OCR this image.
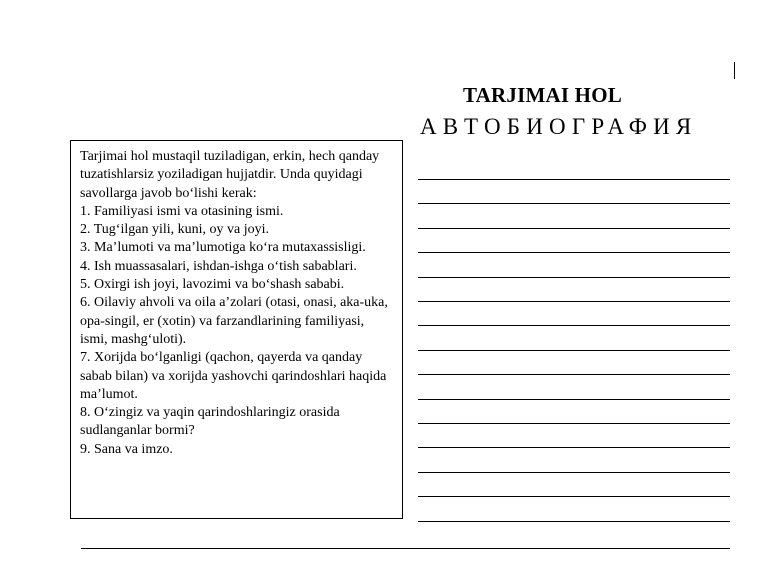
TARJIMAI HOL
АВТОБИОГРАФИЯ

Tarjimai hol mustaqil tuziladigan, erkin, hech qanday tuzatishlarsiz yoziladigan hujjatdir. Unda quyidagi savollarga javob boʻlishi kerak:

1. Familiyasi ismi va otasining ismi.

2. Tugʻilgan yili, kuni, oy va joyi.

3. Maʼlumoti va maʼlumotiga koʻra mutaxassisligi.

4. Ish muassasalari, ishdan-ishga oʻtish sabablari.

5. Oxirgi ish joyi, lavozimi va boʻshash sababi.

6. Oilaviy ahvoli va oila aʼzolari (otasi, onasi, aka-uka, opa-singil, er (xotin) va farzandlarining familiyasi, ismi, mashgʻuloti).

7. Xorijda boʻlganligi (qachon, qayerda va qanday sabab bilan) va xorijda yashovchi qarindoshlari haqida maʼlumot.

8. Oʻzingiz va yaqin qarindoshlaringiz orasida sudlanganlar bormi?

9. Sana va imzo.
